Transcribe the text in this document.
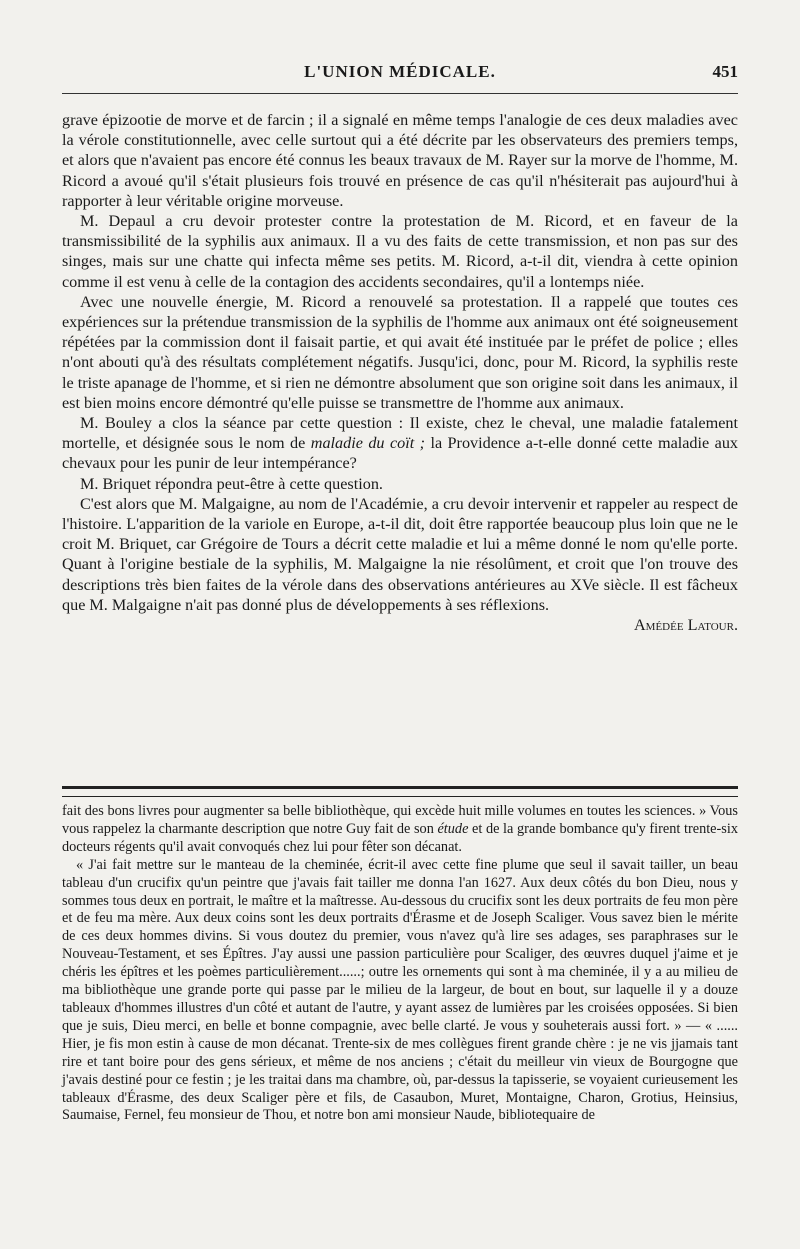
L'UNION MÉDICALE.	451

grave épizootie de morve et de farcin ; il a signalé en même temps l'analogie de ces deux maladies avec la vérole constitutionnelle, avec celle surtout qui a été décrite par les observateurs des premiers temps, et alors que n'avaient pas encore été connus les beaux travaux de M. Rayer sur la morve de l'homme, M. Ricord a avoué qu'il s'était plusieurs fois trouvé en présence de cas qu'il n'hésiterait pas aujourd'hui à rapporter à leur véritable origine morveuse.

M. Depaul a cru devoir protester contre la protestation de M. Ricord, et en faveur de la transmissibilité de la syphilis aux animaux. Il a vu des faits de cette transmission, et non pas sur des singes, mais sur une chatte qui infecta même ses petits. M. Ricord, a-t-il dit, viendra à cette opinion comme il est venu à celle de la contagion des accidents secondaires, qu'il a lontemps niée.

Avec une nouvelle énergie, M. Ricord a renouvelé sa protestation. Il a rappelé que toutes ces expériences sur la prétendue transmission de la syphilis de l'homme aux animaux ont été soigneusement répétées par la commission dont il faisait partie, et qui avait été instituée par le préfet de police ; elles n'ont abouti qu'à des résultats complétement négatifs. Jusqu'ici, donc, pour M. Ricord, la syphilis reste le triste apanage de l'homme, et si rien ne démontre absolument que son origine soit dans les animaux, il est bien moins encore démontré qu'elle puisse se transmettre de l'homme aux animaux.

M. Bouley a clos la séance par cette question : Il existe, chez le cheval, une maladie fatalement mortelle, et désignée sous le nom de maladie du coït ; la Providence a-t-elle donné cette maladie aux chevaux pour les punir de leur intempérance?

M. Briquet répondra peut-être à cette question.

C'est alors que M. Malgaigne, au nom de l'Académie, a cru devoir intervenir et rappeler au respect de l'histoire. L'apparition de la variole en Europe, a-t-il dit, doit être rapportée beaucoup plus loin que ne le croit M. Briquet, car Grégoire de Tours a décrit cette maladie et lui a même donné le nom qu'elle porte. Quant à l'origine bestiale de la syphilis, M. Malgaigne la nie résolûment, et croit que l'on trouve des descriptions très bien faites de la vérole dans des observations antérieures au XVe siècle. Il est fâcheux que M. Malgaigne n'ait pas donné plus de développements à ses réflexions.

Amédée Latour.

fait des bons livres pour augmenter sa belle bibliothèque, qui excède huit mille volumes en toutes les sciences. » Vous vous rappelez la charmante description que notre Guy fait de son étude et de la grande bombance qu'y firent trente-six docteurs régents qu'il avait convoqués chez lui pour fêter son décanat.

« J'ai fait mettre sur le manteau de la cheminée, écrit-il avec cette fine plume que seul il savait tailler, un beau tableau d'un crucifix qu'un peintre que j'avais fait tailler me donna l'an 1627. Aux deux côtés du bon Dieu, nous y sommes tous deux en portrait, le maître et la maîtresse. Au-dessous du crucifix sont les deux portraits de feu mon père et de feu ma mère. Aux deux coins sont les deux portraits d'Érasme et de Joseph Scaliger. Vous savez bien le mérite de ces deux hommes divins. Si vous doutez du premier, vous n'avez qu'à lire ses adages, ses paraphrases sur le Nouveau-Testament, et ses Épîtres. J'ay aussi une passion particulière pour Scaliger, des œuvres duquel j'aime et je chéris les épîtres et les poèmes particulièrement......; outre les ornements qui sont à ma cheminée, il y a au milieu de ma bibliothèque une grande porte qui passe par le milieu de la largeur, de bout en bout, sur laquelle il y a douze tableaux d'hommes illustres d'un côté et autant de l'autre, y ayant assez de lumières par les croisées opposées. Si bien que je suis, Dieu merci, en belle et bonne compagnie, avec belle clarté. Je vous y souheterais aussi fort. » — « ...... Hier, je fis mon estin à cause de mon décanat. Trente-six de mes collègues firent grande chère : je ne vis jjamais tant rire et tant boire pour des gens sérieux, et même de nos anciens ; c'était du meilleur vin vieux de Bourgogne que j'avais destiné pour ce festin ; je les traitai dans ma chambre, où, par-dessus la tapisserie, se voyaient curieusement les tableaux d'Érasme, des deux Scaliger père et fils, de Casaubon, Muret, Montaigne, Charon, Grotius, Heinsius, Saumaise, Fernel, feu monsieur de Thou, et notre bon ami monsieur Naude, bibliotequaire de
